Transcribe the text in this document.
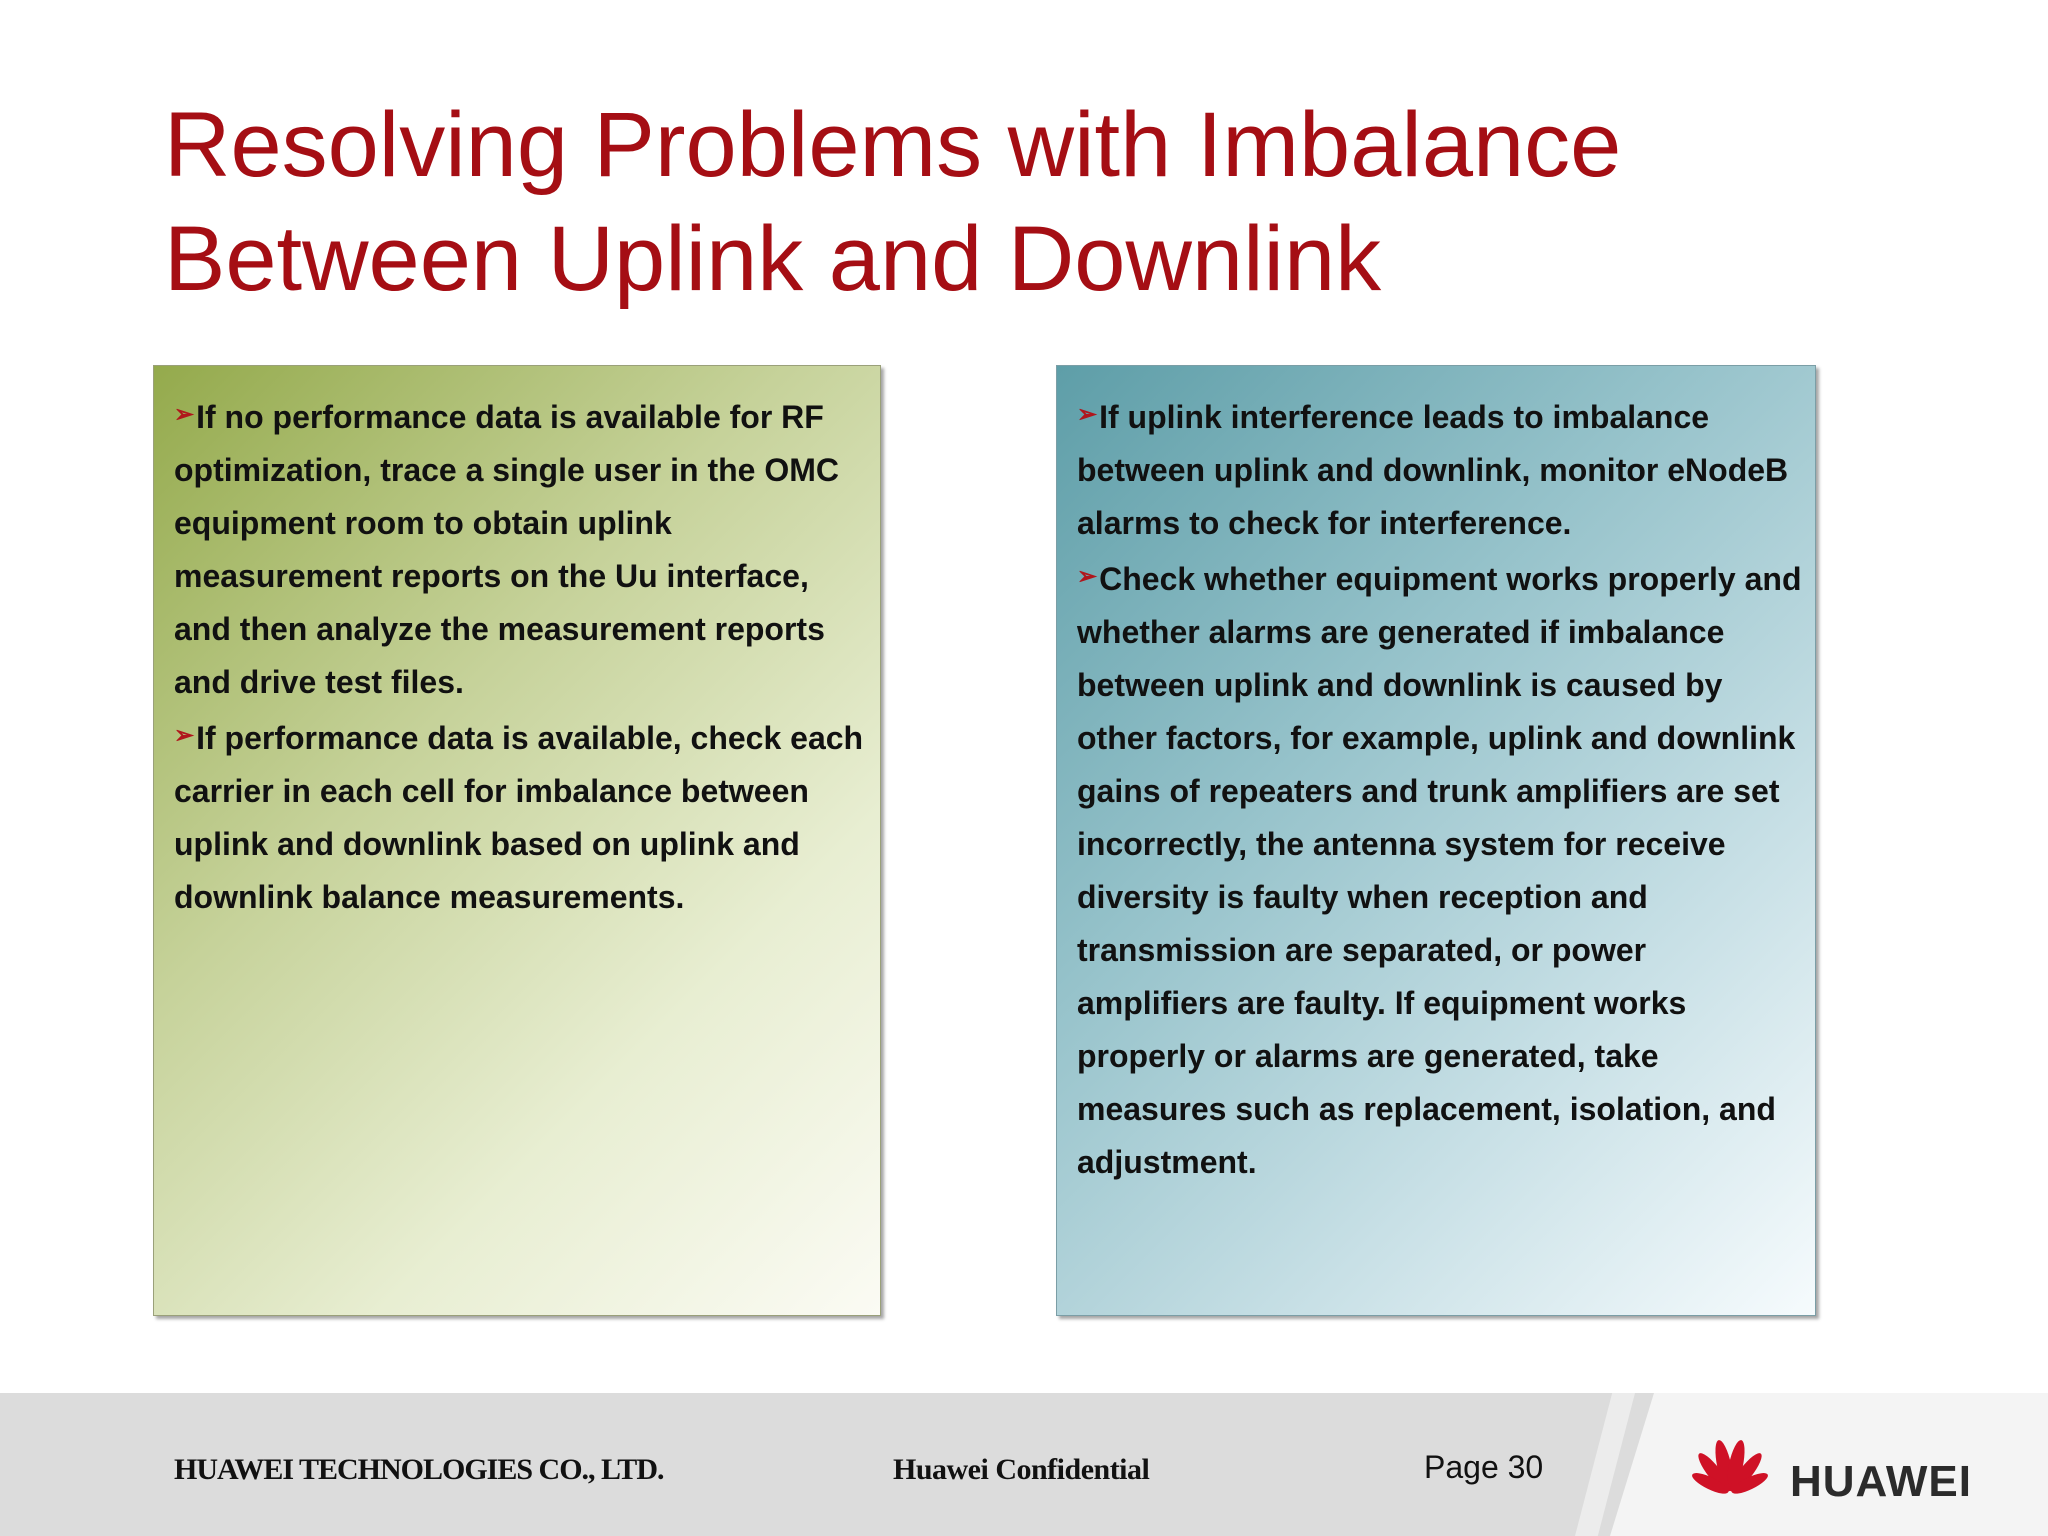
Resolving Problems with Imbalance Between Uplink and Downlink
➢If no performance data is available for RF optimization, trace a single user in the OMC equipment room to obtain uplink measurement reports on the Uu interface, and then analyze the measurement reports and drive test files.
➢If performance data is available, check each carrier in each cell for imbalance between uplink and downlink based on uplink and downlink balance measurements.
➢If uplink interference leads to imbalance between uplink and downlink, monitor eNodeB alarms to check for interference.
➢Check whether equipment works properly and whether alarms are generated if imbalance between uplink and downlink is caused by other factors, for example, uplink and downlink gains of repeaters and trunk amplifiers are set incorrectly, the antenna system for receive diversity is faulty when reception and transmission are separated, or power amplifiers are faulty. If equipment works properly or alarms are generated, take measures such as replacement, isolation, and adjustment.
HUAWEI TECHNOLOGIES CO., LTD.	Huawei Confidential	Page 30	HUAWEI
